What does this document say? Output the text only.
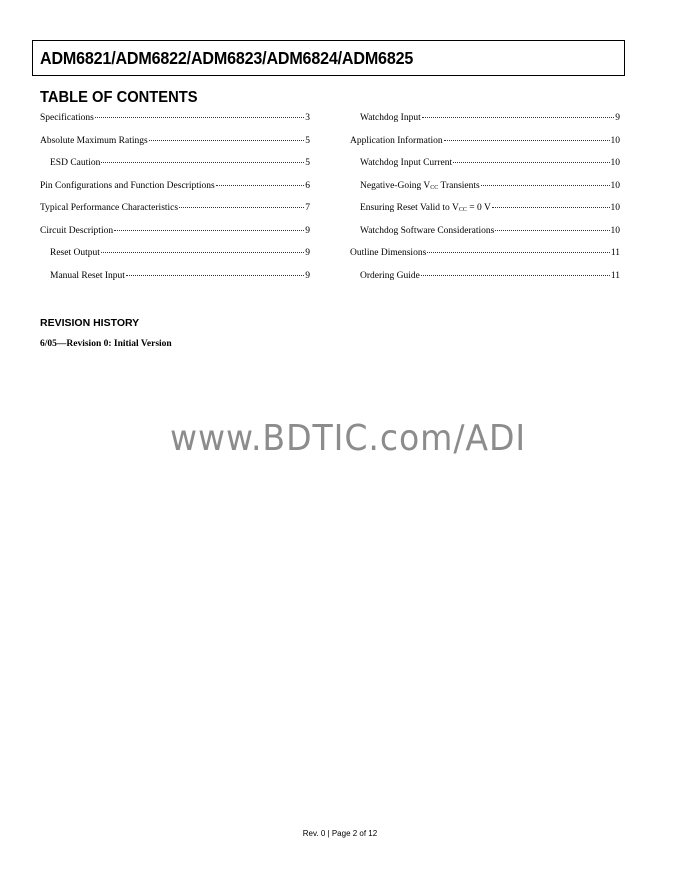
ADM6821/ADM6822/ADM6823/ADM6824/ADM6825
TABLE OF CONTENTS
Specifications	3
Absolute Maximum Ratings	5
ESD Caution	5
Pin Configurations and Function Descriptions	6
Typical Performance Characteristics	7
Circuit Description	9
Reset Output	9
Manual Reset Input	9
Watchdog Input	9
Application Information	10
Watchdog Input Current	10
Negative-Going $V_{CC}$ Transients	10
Ensuring Reset Valid to $V_{CC} = 0$ V	10
Watchdog Software Considerations	10
Outline Dimensions	11
Ordering Guide	11
REVISION HISTORY
6/05—Revision 0: Initial Version
www.BDTIC.com/ADI
Rev. 0 | Page 2 of 12
